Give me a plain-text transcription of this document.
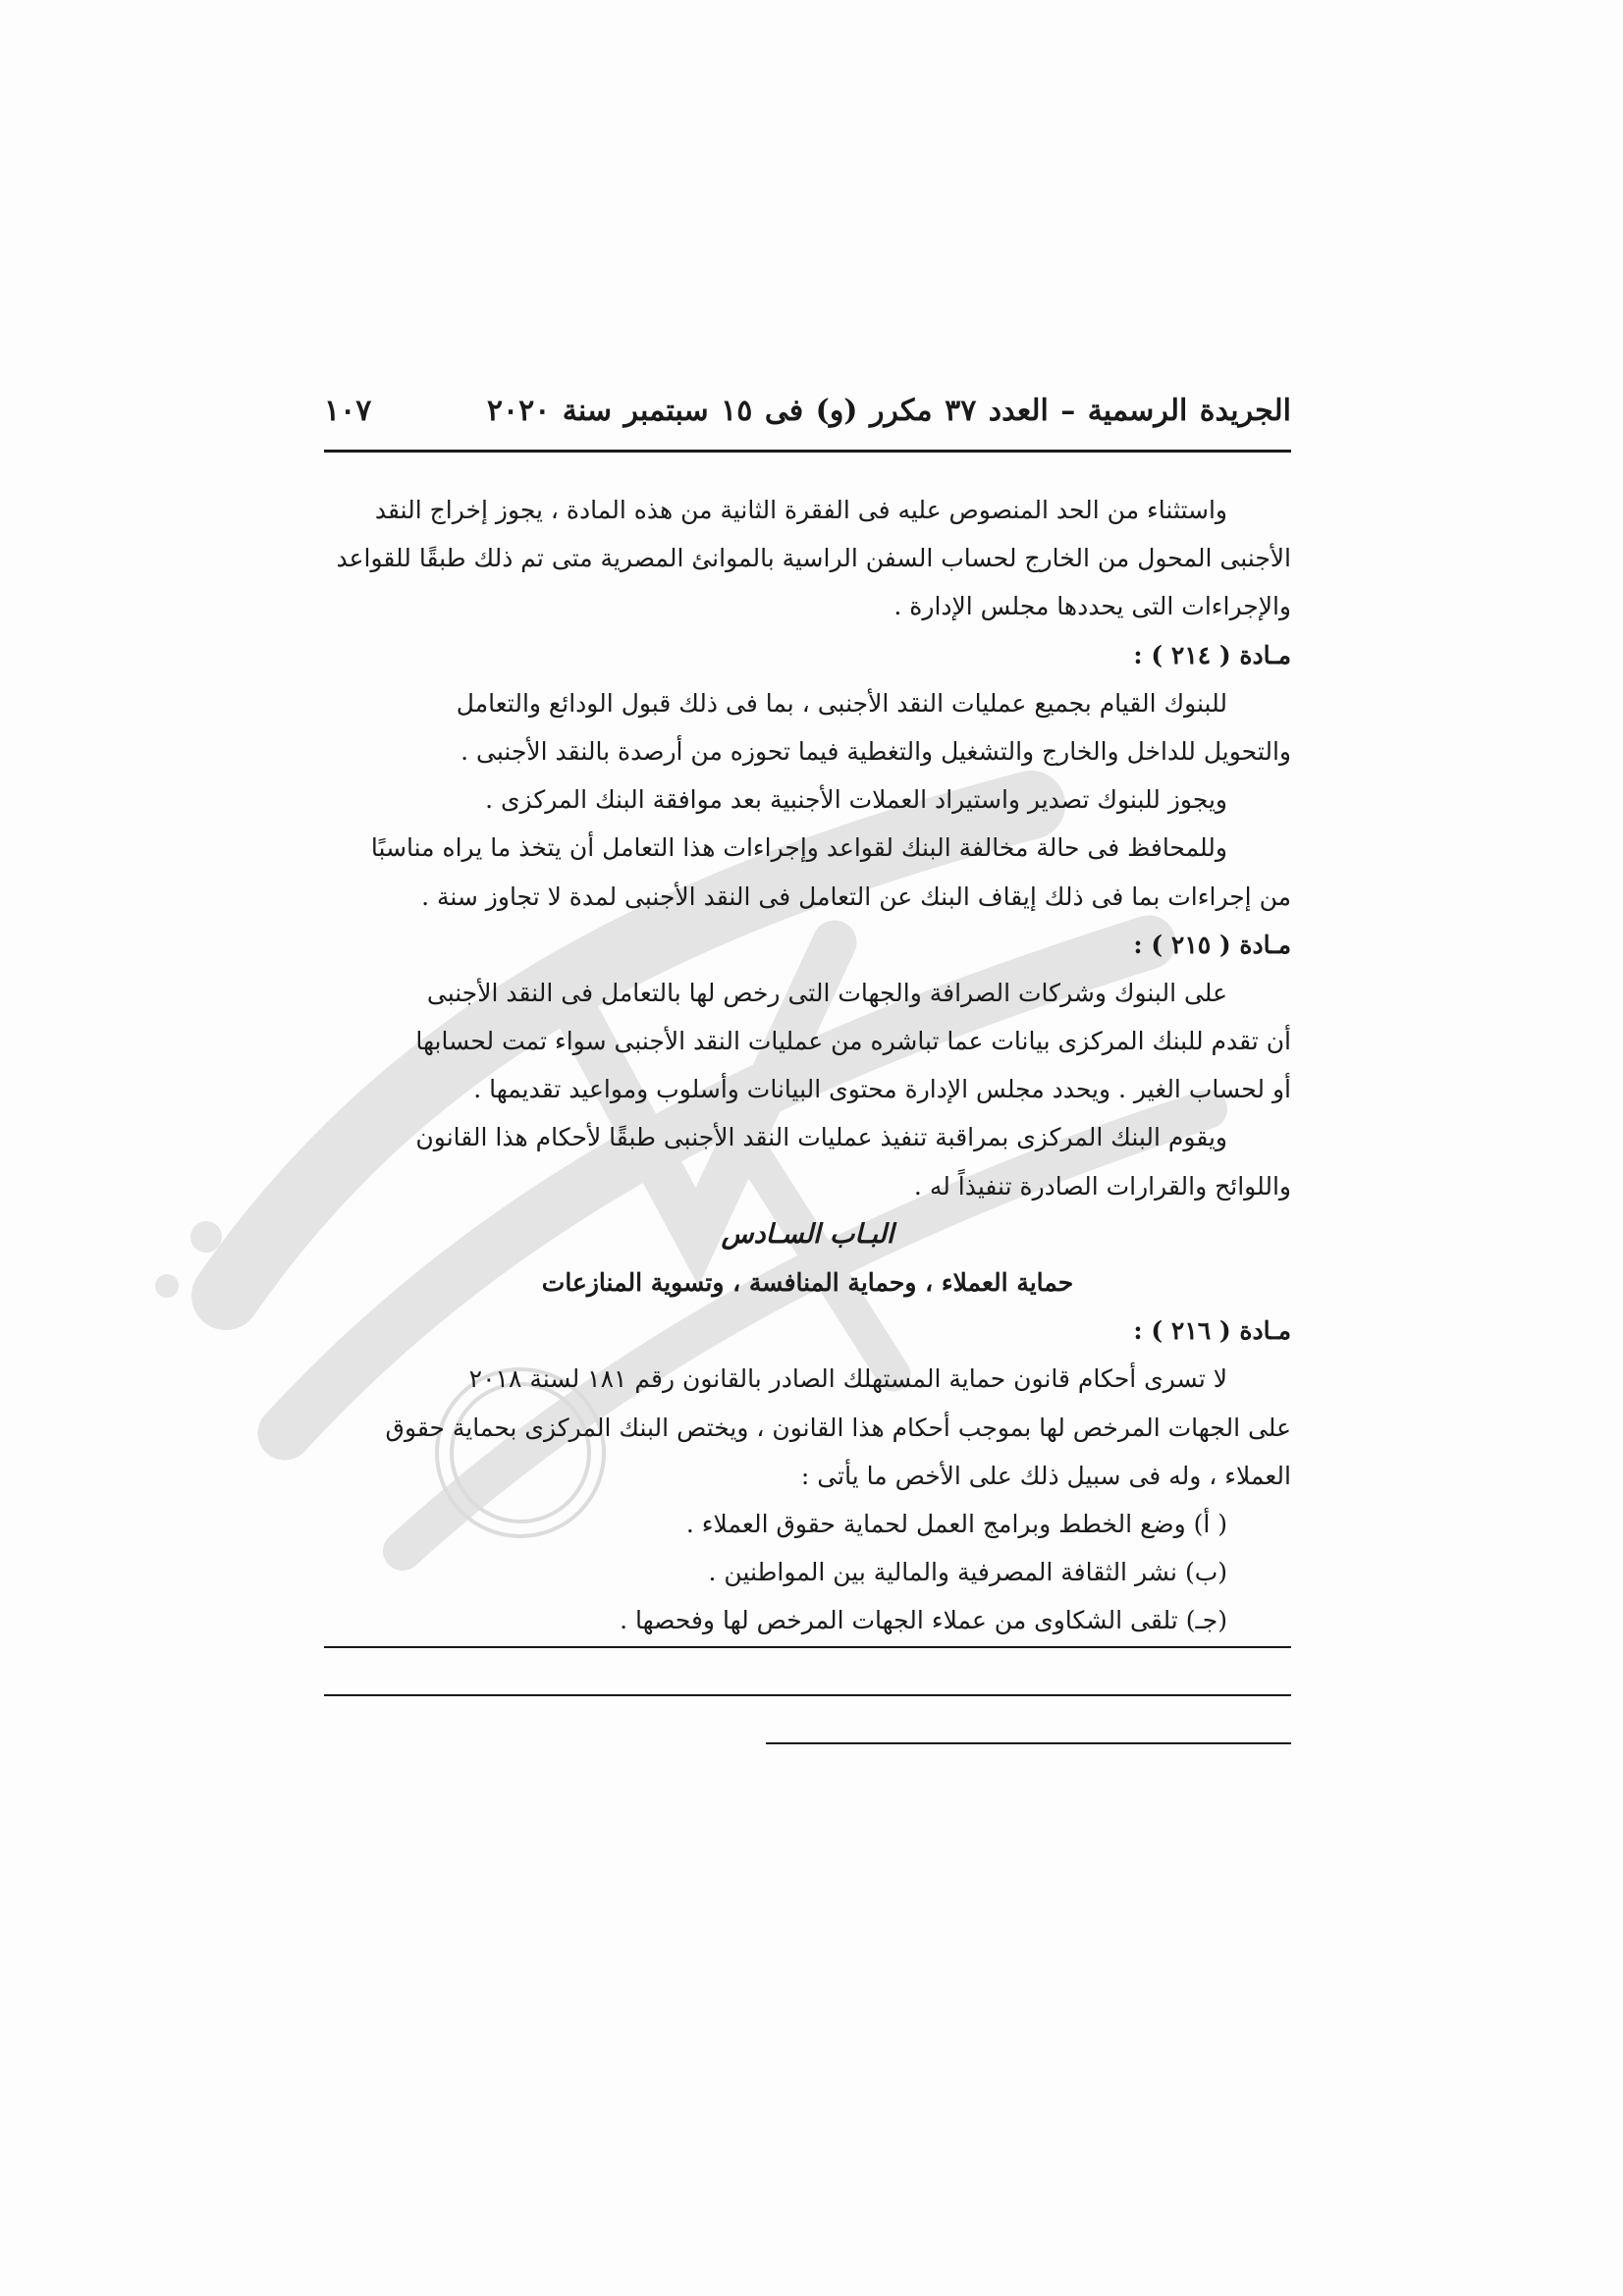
الجريدة الرسمية – العدد ٣٧ مكرر (و) فى ١٥ سبتمبر سنة ٢٠٢٠
١٠٧
واستثناء من الحد المنصوص عليه فى الفقرة الثانية من هذه المادة ، يجوز إخراج النقد
الأجنبى المحول من الخارج لحساب السفن الراسية بالموانئ المصرية متى تم ذلك طبقًا للقواعد
والإجراءات التى يحددها مجلس الإدارة .
مـادة ( ٢١٤ ) :
للبنوك القيام بجميع عمليات النقد الأجنبى ، بما فى ذلك قبول الودائع والتعامل
والتحويل للداخل والخارج والتشغيل والتغطية فيما تحوزه من أرصدة بالنقد الأجنبى .
ويجوز للبنوك تصدير واستيراد العملات الأجنبية بعد موافقة البنك المركزى .
وللمحافظ فى حالة مخالفة البنك لقواعد وإجراءات هذا التعامل أن يتخذ ما يراه مناسبًا
من إجراءات بما فى ذلك إيقاف البنك عن التعامل فى النقد الأجنبى لمدة لا تجاوز سنة .
مـادة ( ٢١٥ ) :
على البنوك وشركات الصرافة والجهات التى رخص لها بالتعامل فى النقد الأجنبى
أن تقدم للبنك المركزى بيانات عما تباشره من عمليات النقد الأجنبى سواء تمت لحسابها
أو لحساب الغير . ويحدد مجلس الإدارة محتوى البيانات وأسلوب ومواعيد تقديمها .
ويقوم البنك المركزى بمراقبة تنفيذ عمليات النقد الأجنبى طبقًا لأحكام هذا القانون
واللوائح والقرارات الصادرة تنفيذاً له .
البـاب السـادس
حماية العملاء ، وحماية المنافسة ، وتسوية المنازعات
مـادة ( ٢١٦ ) :
لا تسرى أحكام قانون حماية المستهلك الصادر بالقانون رقم ١٨١ لسنة ٢٠١٨
على الجهات المرخص لها بموجب أحكام هذا القانون ، ويختص البنك المركزى بحماية حقوق
العملاء ، وله فى سبيل ذلك على الأخص ما يأتى :
( أ) وضع الخطط وبرامج العمل لحماية حقوق العملاء .
(ب) نشر الثقافة المصرفية والمالية بين المواطنين .
(جـ) تلقى الشكاوى من عملاء الجهات المرخص لها وفحصها .
